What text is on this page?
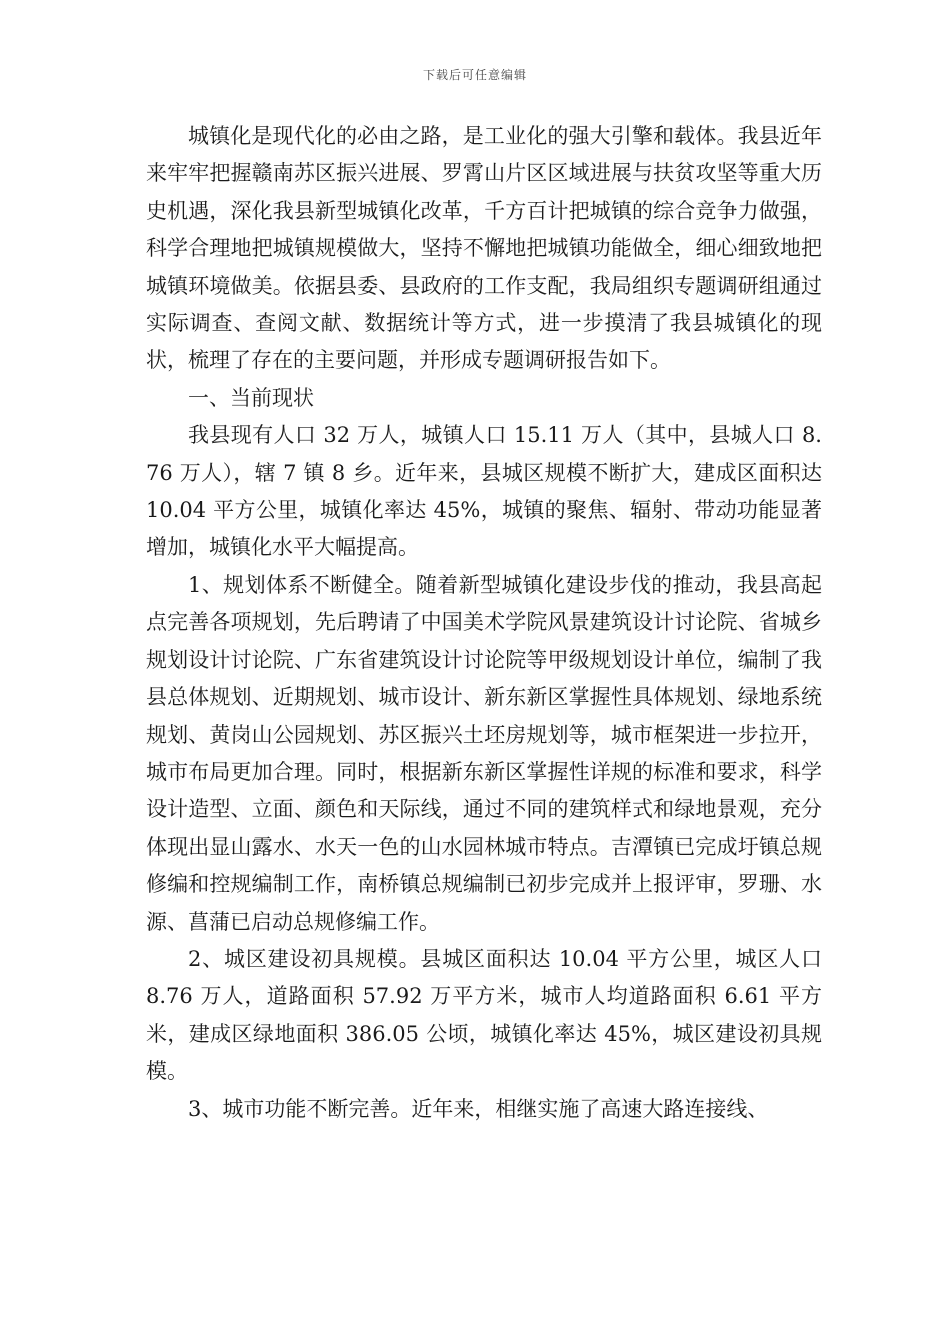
下载后可任意编辑

城镇化是现代化的必由之路，是工业化的强大引擎和载体。我县近年来牢牢把握赣南苏区振兴进展、罗霄山片区区域进展与扶贫攻坚等重大历史机遇，深化我县新型城镇化改革，千方百计把城镇的综合竞争力做强，科学合理地把城镇规模做大，坚持不懈地把城镇功能做全，细心细致地把城镇环境做美。依据县委、县政府的工作支配，我局组织专题调研组通过实际调查、查阅文献、数据统计等方式，进一步摸清了我县城镇化的现状，梳理了存在的主要问题，并形成专题调研报告如下。

一、当前现状

我县现有人口 32 万人，城镇人口 15.11 万人（其中，县城人口 8.76 万人），辖 7 镇 8 乡。近年来，县城区规模不断扩大，建成区面积达 10.04 平方公里，城镇化率达 45%，城镇的聚焦、辐射、带动功能显著增加，城镇化水平大幅提高。

1、规划体系不断健全。随着新型城镇化建设步伐的推动，我县高起点完善各项规划，先后聘请了中国美术学院风景建筑设计讨论院、省城乡规划设计讨论院、广东省建筑设计讨论院等甲级规划设计单位，编制了我县总体规划、近期规划、城市设计、新东新区掌握性具体规划、绿地系统规划、黄岗山公园规划、苏区振兴土坯房规划等，城市框架进一步拉开，城市布局更加合理。同时，根据新东新区掌握性详规的标准和要求，科学设计造型、立面、颜色和天际线，通过不同的建筑样式和绿地景观，充分体现出显山露水、水天一色的山水园林城市特点。吉潭镇已完成圩镇总规修编和控规编制工作，南桥镇总规编制已初步完成并上报评审，罗珊、水源、菖蒲已启动总规修编工作。

2、城区建设初具规模。县城区面积达 10.04 平方公里，城区人口 8.76 万人，道路面积 57.92 万平方米，城市人均道路面积 6.61 平方米，建成区绿地面积 386.05 公顷，城镇化率达 45%，城区建设初具规模。

3、城市功能不断完善。近年来，相继实施了高速大路连接线、
